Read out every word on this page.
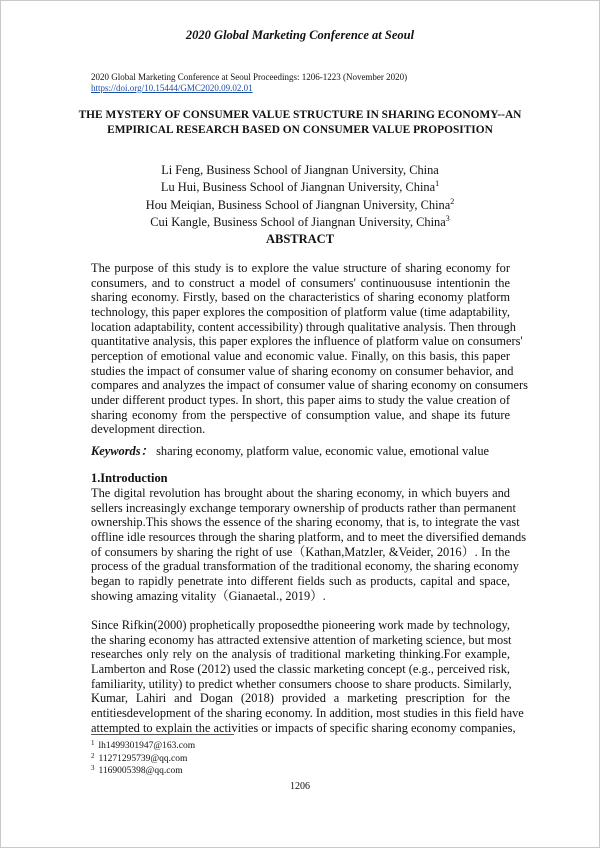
2020 Global Marketing Conference at Seoul
2020 Global Marketing Conference at Seoul Proceedings: 1206-1223 (November 2020)
https://doi.org/10.15444/GMC2020.09.02.01
THE MYSTERY OF CONSUMER VALUE STRUCTURE IN SHARING ECONOMY--AN EMPIRICAL RESEARCH BASED ON CONSUMER VALUE PROPOSITION
Li Feng, Business School of Jiangnan University, China
Lu Hui, Business School of Jiangnan University, China$^1$
Hou Meiqian, Business School of Jiangnan University, China$^2$
Cui Kangle, Business School of Jiangnan University, China$^3$
ABSTRACT
The purpose of this study is to explore the value structure of sharing economy for
consumers, and to construct a model of consumers' continuoususe intentionin the
sharing economy. Firstly, based on the characteristics of sharing economy platform
technology, this paper explores the composition of platform value (time adaptability,
location adaptability, content accessibility) through qualitative analysis. Then through
quantitative analysis, this paper explores the influence of platform value on consumers'
perception of emotional value and economic value. Finally, on this basis, this paper
studies the impact of consumer value of sharing economy on consumer behavior, and
compares and analyzes the impact of consumer value of sharing economy on consumers
under different product types. In short, this paper aims to study the value creation of
sharing economy from the perspective of consumption value, and shape its future
development direction.
Keywords： sharing economy, platform value, economic value, emotional value
1.Introduction
The digital revolution has brought about the sharing economy, in which buyers and
sellers increasingly exchange temporary ownership of products rather than permanent
ownership.This shows the essence of the sharing economy, that is, to integrate the vast
offline idle resources through the sharing platform, and to meet the diversified demands
of consumers by sharing the right of use（Kathan,Matzler, &Veider, 2016）. In the
process of the gradual transformation of the traditional economy, the sharing economy
began to rapidly penetrate into different fields such as products, capital and space,
showing amazing vitality（Gianaetal., 2019）.
Since Rifkin(2000) prophetically proposedthe pioneering work made by technology,
the sharing economy has attracted extensive attention of marketing science, but most
researches only rely on the analysis of traditional marketing thinking.For example,
Lamberton and Rose (2012) used the classic marketing concept (e.g., perceived risk,
familiarity, utility) to predict whether consumers choose to share products. Similarly,
Kumar, Lahiri and Dogan (2018) provided a marketing prescription for the
entitiesdevelopment of the sharing economy. In addition, most studies in this field have
attempted to explain the activities or impacts of specific sharing economy companies,
$^1$ lh1499301947@163.com
$^2$ 11271295739@qq.com
$^3$ 1169005398@qq.com
1206
